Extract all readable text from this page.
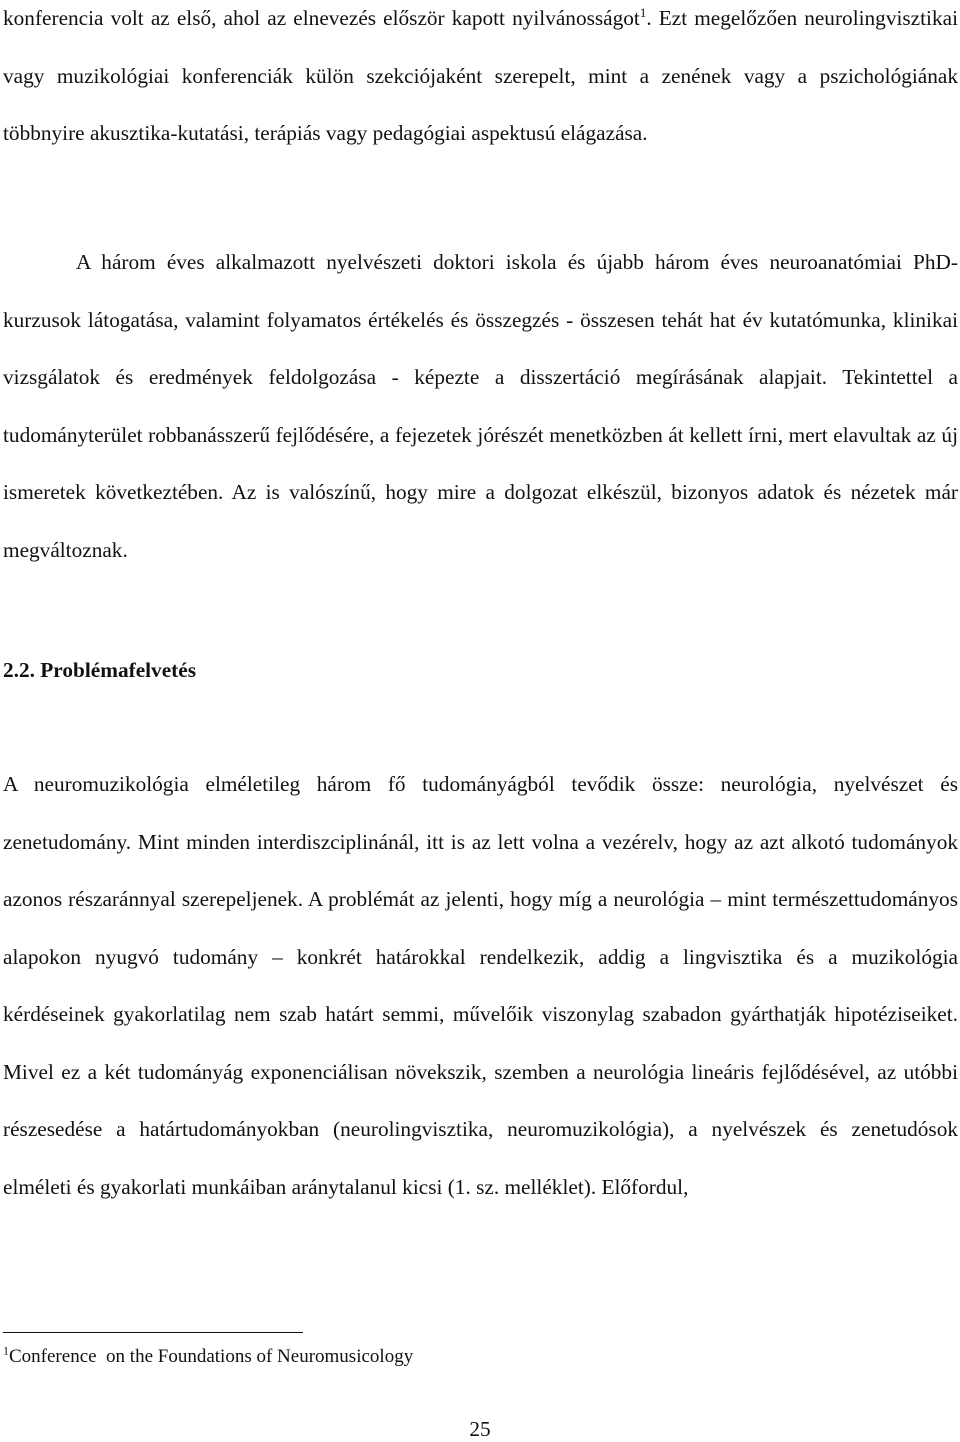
konferencia volt az első, ahol az elnevezés először kapott nyilvánosságot$^1$. Ezt megelőzően neurolingvisztikai vagy muzikológiai konferenciák külön szekciójaként szerepelt, mint a zenének vagy a pszichológiának többnyire akusztika-kutatási, terápiás vagy pedagógiai aspektusú elágazása.

A három éves alkalmazott nyelvészeti doktori iskola és újabb három éves neuroanatómiai PhD-kurzusok látogatása, valamint folyamatos értékelés és összegzés - összesen tehát hat év kutatómunka, klinikai vizsgálatok és eredmények feldolgozása - képezte a disszertáció megírásának alapjait. Tekintettel a tudományterület robbanásszerű fejlődésére, a fejezetek jórészét menetközben át kellett írni, mert elavultak az új ismeretek következtében. Az is valószínű, hogy mire a dolgozat elkészül, bizonyos adatok és nézetek már megváltoznak.

2.2. Problémafelvetés

A neuromuzikológia elméletileg három fő tudományágból tevődik össze: neurológia, nyelvészet és zenetudomány. Mint minden interdiszciplinánál, itt is az lett volna a vezérelv, hogy az azt alkotó tudományok azonos részaránnyal szerepeljenek. A problémát az jelenti, hogy míg a neurológia – mint természettudományos alapokon nyugvó tudomány – konkrét határokkal rendelkezik, addig a lingvisztika és a muzikológia kérdéseinek gyakorlatilag nem szab határt semmi, művelőik viszonylag szabadon gyárthatják hipotéziseiket. Mivel ez a két tudományág exponenciálisan növekszik, szemben a neurológia lineáris fejlődésével, az utóbbi részesedése a határtudományokban (neurolingvisztika, neuromuzikológia), a nyelvészek és zenetudósok elméleti és gyakorlati munkáiban aránytalanul kicsi (1. sz. melléklet). Előfordul,

$^1$Conference  on the Foundations of Neuromusicology

25
